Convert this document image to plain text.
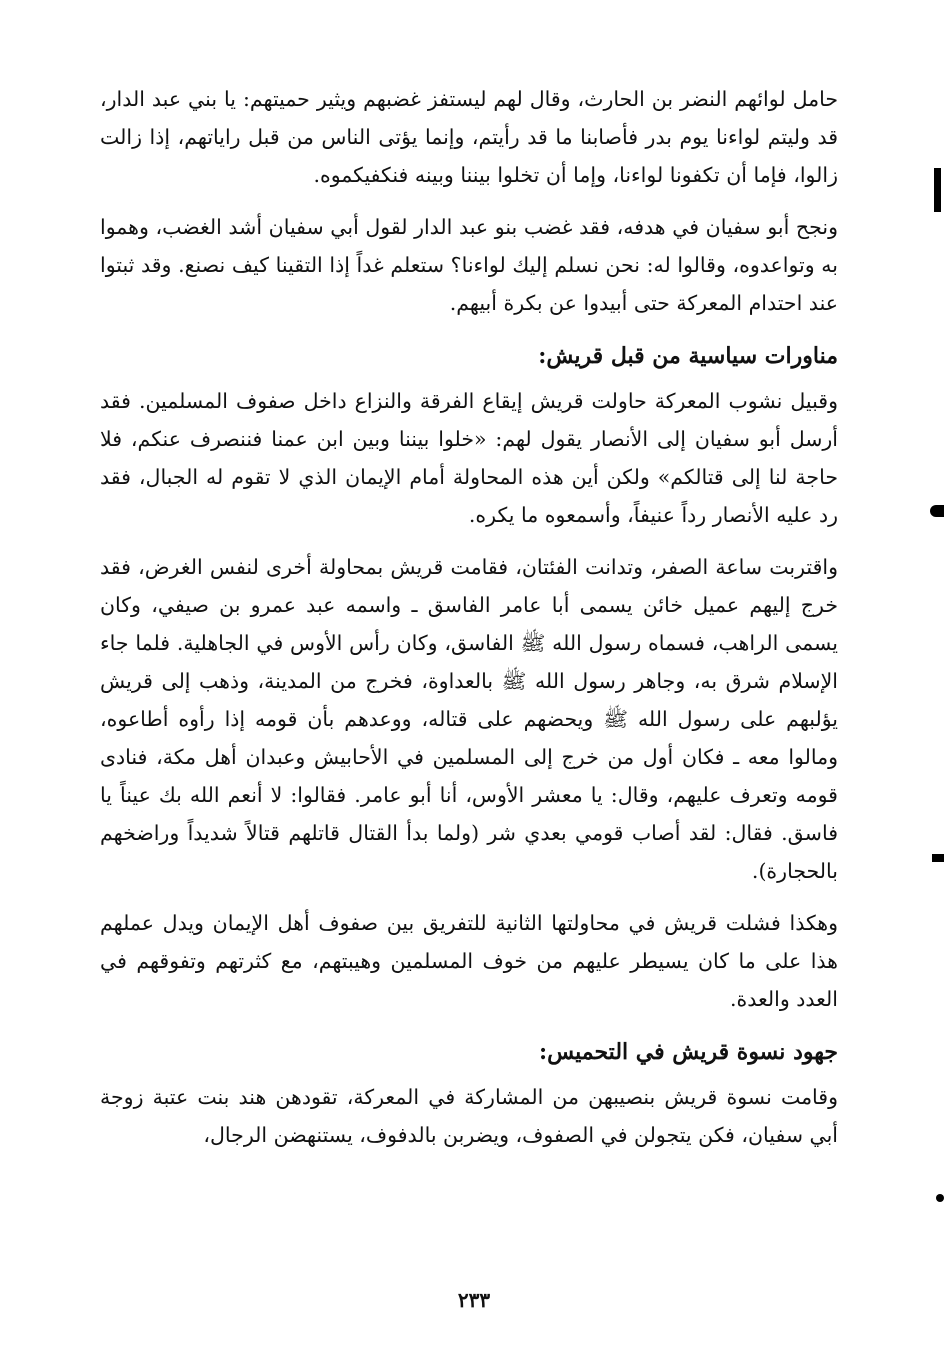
حامل لوائهم النضر بن الحارث، وقال لهم ليستفز غضبهم ويثير حميتهم: يا بني عبد الدار، قد وليتم لواءنا يوم بدر فأصابنا ما قد رأيتم، وإنما يؤتى الناس من قبل راياتهم، إذا زالت زالوا، فإما أن تكفونا لواءنا، وإما أن تخلوا بيننا وبينه فنكفيكموه.

ونجح أبو سفيان في هدفه، فقد غضب بنو عبد الدار لقول أبي سفيان أشد الغضب، وهموا به وتواعدوه، وقالوا له: نحن نسلم إليك لواءنا؟ ستعلم غداً إذا التقينا كيف نصنع. وقد ثبتوا عند احتدام المعركة حتى أبيدوا عن بكرة أبيهم.

مناورات سياسية من قبل قريش:

وقبيل نشوب المعركة حاولت قريش إيقاع الفرقة والنزاع داخل صفوف المسلمين. فقد أرسل أبو سفيان إلى الأنصار يقول لهم: «خلوا بيننا وبين ابن عمنا فننصرف عنكم، فلا حاجة لنا إلى قتالكم» ولكن أين هذه المحاولة أمام الإيمان الذي لا تقوم له الجبال، فقد رد عليه الأنصار رداً عنيفاً، وأسمعوه ما يكره.

واقتربت ساعة الصفر، وتدانت الفئتان، فقامت قريش بمحاولة أخرى لنفس الغرض، فقد خرج إليهم عميل خائن يسمى أبا عامر الفاسق ـ واسمه عبد عمرو بن صيفي، وكان يسمى الراهب، فسماه رسول الله ﷺ الفاسق، وكان رأس الأوس في الجاهلية. فلما جاء الإسلام شرق به، وجاهر رسول الله ﷺ بالعداوة، فخرج من المدينة، وذهب إلى قريش يؤلبهم على رسول الله ﷺ ويحضهم على قتاله، ووعدهم بأن قومه إذا رأوه أطاعوه، ومالوا معه ـ فكان أول من خرج إلى المسلمين في الأحابيش وعبدان أهل مكة، فنادى قومه وتعرف عليهم، وقال: يا معشر الأوس، أنا أبو عامر. فقالوا: لا أنعم الله بك عيناً يا فاسق. فقال: لقد أصاب قومي بعدي شر (ولما بدأ القتال قاتلهم قتالاً شديداً وراضخهم بالحجارة).

وهكذا فشلت قريش في محاولتها الثانية للتفريق بين صفوف أهل الإيمان ويدل عملهم هذا على ما كان يسيطر عليهم من خوف المسلمين وهيبتهم، مع كثرتهم وتفوقهم في العدد والعدة.

جهود نسوة قريش في التحميس:

وقامت نسوة قريش بنصيبهن من المشاركة في المعركة، تقودهن هند بنت عتبة زوجة أبي سفيان، فكن يتجولن في الصفوف، ويضربن بالدفوف، يستنهضن الرجال،

٢٣٣
